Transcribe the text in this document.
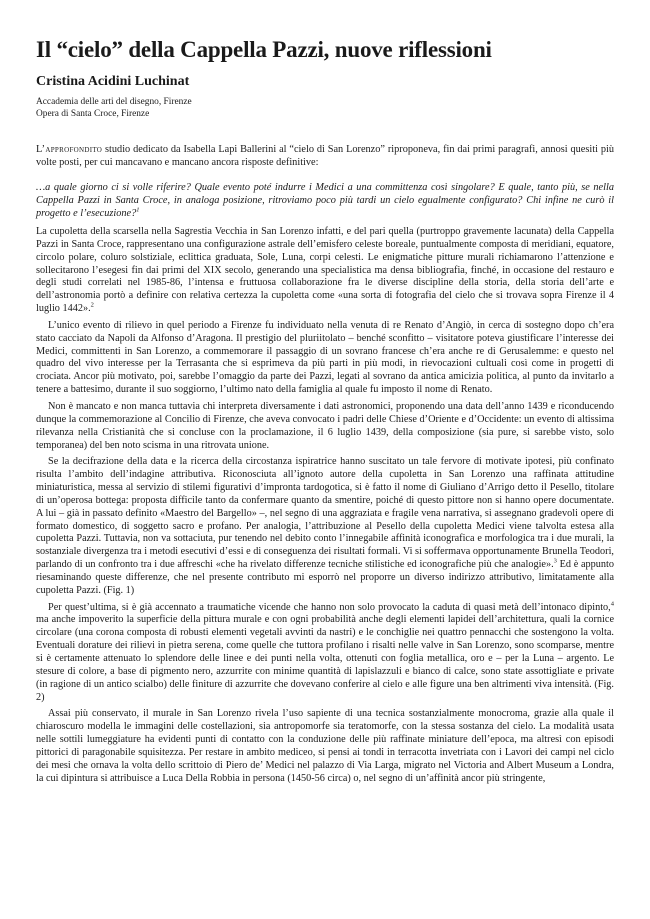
Il “cielo” della Cappella Pazzi, nuove riflessioni
Cristina Acidini Luchinat
Accademia delle arti del disegno, Firenze
Opera di Santa Croce, Firenze
L’approfondito studio dedicato da Isabella Lapi Ballerini al “cielo di San Lorenzo” riproponeva, fin dai primi paragrafi, annosi quesiti più volte posti, per cui mancavano e mancano ancora risposte definitive:
…a quale giorno ci si volle riferire? Quale evento poté indurre i Medici a una committenza così singolare? E quale, tanto più, se nella Cappella Pazzi in Santa Croce, in analoga posizione, ritroviamo poco più tardi un cielo egualmente configurato? Chi infine ne curò il progetto e l’esecuzione?$^1$

La cupoletta della scarsella nella Sagrestia Vecchia in San Lorenzo infatti, e del pari quella (purtroppo gravemente lacunata) della Cappella Pazzi in Santa Croce, rappresentano una configurazione astrale dell’emisfero celeste boreale, puntualmente composta di meridiani, equatore, circolo polare, coluro solstiziale, eclittica graduata, Sole, Luna, corpi celesti. Le enigmatiche pitture murali richiamarono l’attenzione e sollecitarono l’esegesi fin dai primi del XIX secolo, generando una specialistica ma densa bibliografia, finché, in occasione del restauro e degli studi correlati nel 1985-86, l’intensa e fruttuosa collaborazione fra le diverse discipline della storia, della storia dell’arte e dell’astronomia portò a definire con relativa certezza la cupoletta come «una sorta di fotografia del cielo che si trovava sopra Firenze il 4 luglio 1442».$^2$

L’unico evento di rilievo in quel periodo a Firenze fu individuato nella venuta di re Renato d’Angiò, in cerca di sostegno dopo ch’era stato cacciato da Napoli da Alfonso d’Aragona. Il prestigio del pluriitolato – benché sconfitto – visitatore poteva giustificare l’interesse dei Medici, committenti in San Lorenzo, a commemorare il passaggio di un sovrano francese ch’era anche re di Gerusalemme: e questo nel quadro del vivo interesse per la Terrasanta che si esprimeva da più parti in più modi, in rievocazioni cultuali così come in progetti di crociata. Ancor più motivato, poi, sarebbe l’omaggio da parte dei Pazzi, legati al sovrano da antica amicizia politica, al punto da invitarlo a tenere a battesimo, durante il suo soggiorno, l’ultimo nato della famiglia al quale fu imposto il nome di Renato.

Non è mancato e non manca tuttavia chi interpreta diversamente i dati astronomici, proponendo una data dell’anno 1439 e riconducendo dunque la commemorazione al Concilio di Firenze, che aveva convocato i padri delle Chiese d’Oriente e d’Occidente: un evento di altissima rilevanza nella Cristianità che si concluse con la proclamazione, il 6 luglio 1439, della composizione (sia pure, si sarebbe visto, solo temporanea) del ben noto scisma in una ritrovata unione.

Se la decifrazione della data e la ricerca della circostanza ispiratrice hanno suscitato un tale fervore di motivate ipotesi, più confinato risulta l’ambito dell’indagine attributiva. Riconosciuta all’ignoto autore della cupoletta in San Lorenzo una raffinata attitudine miniaturistica, messa al servizio di stilemi figurativi d’impronta tardogotica, si è fatto il nome di Giuliano d’Arrigo detto il Pesello, titolare di un’operosa bottega: proposta difficile tanto da confermare quanto da smentire, poiché di questo pittore non si hanno opere documentate. A lui – già in passato definito «Maestro del Bargello» –, nel segno di una aggraziata e fragile vena narrativa, si assegnano gradevoli opere di formato domestico, di soggetto sacro e profano. Per analogia, l’attribuzione al Pesello della cupoletta Medici viene talvolta estesa alla cupoletta Pazzi. Tuttavia, non va sottaciuta, pur tenendo nel debito conto l’innegabile affinità iconografica e morfologica tra i due murali, la sostanziale divergenza tra i metodi esecutivi d’essi e di conseguenza dei risultati formali. Vi si soffermava opportunamente Brunella Teodori, parlando di un confronto tra i due affreschi «che ha rivelato differenze tecniche stilistiche ed iconografiche più che analogie».$^3$ Ed è appunto riesaminando queste differenze, che nel presente contributo mi esporrò nel proporre un diverso indirizzo attributivo, limitatamente alla cupoletta Pazzi. (Fig. 1)

Per quest’ultima, si è già accennato a traumatiche vicende che hanno non solo provocato la caduta di quasi metà dell’intonaco dipinto,$^4$ ma anche impoverito la superficie della pittura murale e con ogni probabilità anche degli elementi lapidei dell’architettura, quali la cornice circolare (una corona composta di robusti elementi vegetali avvinti da nastri) e le conchiglie nei quattro pennacchi che sostengono la volta. Eventuali dorature dei rilievi in pietra serena, come quelle che tuttora profilano i risalti nelle valve in San Lorenzo, sono scomparse, mentre si è certamente attenuato lo splendore delle linee e dei punti nella volta, ottenuti con foglia metallica, oro e – per la Luna – argento. Le stesure di colore, a base di pigmento nero, azzurrite con minime quantità di lapislazzuli e bianco di calce, sono state assottigliate e private (in ragione di un antico scialbo) delle finiture di azzurrite che dovevano conferire al cielo e alle figure una ben altrimenti viva intensità. (Fig. 2)

Assai più conservato, il murale in San Lorenzo rivela l’uso sapiente di una tecnica sostanzialmente monocroma, grazie alla quale il chiaroscuro modella le immagini delle costellazioni, sia antropomorfe sia teratomorfe, con la stessa sostanza del cielo. La modalità usata nelle sottili lumeggiature ha evidenti punti di contatto con la conduzione delle più raffinate miniature dell’epoca, ma altresì con episodi pittorici di paragonabile squisitezza. Per restare in ambito mediceo, si pensi ai tondi in terracotta invetriata con i Lavori dei campi nel ciclo dei mesi che ornava la volta dello scrittoio di Piero de’ Medici nel palazzo di Via Larga, migrato nel Victoria and Albert Museum a Londra, la cui dipintura si attribuisce a Luca Della Robbia in persona (1450-56 circa) o, nel segno di un’affinità ancor più stringente,
